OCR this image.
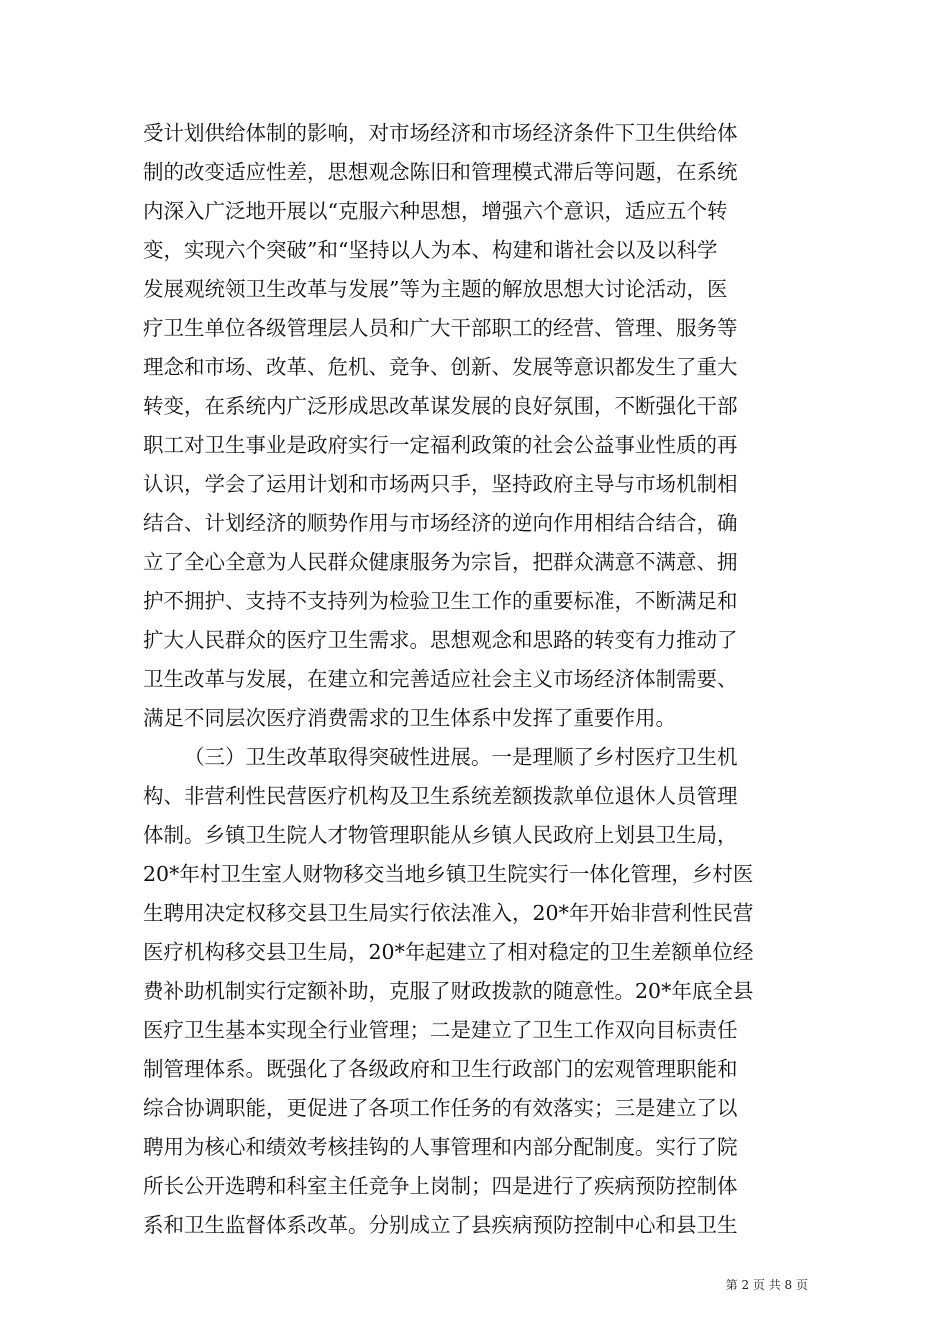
受计划供给体制的影响，对市场经济和市场经济条件下卫生供给体
制的改变适应性差，思想观念陈旧和管理模式滞后等问题，在系统
内深入广泛地开展以“克服六种思想，增强六个意识，适应五个转
变，实现六个突破”和“坚持以人为本、构建和谐社会以及以科学
发展观统领卫生改革与发展”等为主题的解放思想大讨论活动，医
疗卫生单位各级管理层人员和广大干部职工的经营、管理、服务等
理念和市场、改革、危机、竞争、创新、发展等意识都发生了重大
转变，在系统内广泛形成思改革谋发展的良好氛围，不断强化干部
职工对卫生事业是政府实行一定福利政策的社会公益事业性质的再
认识，学会了运用计划和市场两只手，坚持政府主导与市场机制相
结合、计划经济的顺势作用与市场经济的逆向作用相结合结合，确
立了全心全意为人民群众健康服务为宗旨，把群众满意不满意、拥
护不拥护、支持不支持列为检验卫生工作的重要标准，不断满足和
扩大人民群众的医疗卫生需求。思想观念和思路的转变有力推动了
卫生改革与发展，在建立和完善适应社会主义市场经济体制需要、
满足不同层次医疗消费需求的卫生体系中发挥了重要作用。
（三）卫生改革取得突破性进展。一是理顺了乡村医疗卫生机
构、非营利性民营医疗机构及卫生系统差额拨款单位退休人员管理
体制。乡镇卫生院人才物管理职能从乡镇人民政府上划县卫生局，
20*年村卫生室人财物移交当地乡镇卫生院实行一体化管理，乡村医
生聘用决定权移交县卫生局实行依法准入，20*年开始非营利性民营
医疗机构移交县卫生局，20*年起建立了相对稳定的卫生差额单位经
费补助机制实行定额补助，克服了财政拨款的随意性。20*年底全县
医疗卫生基本实现全行业管理；二是建立了卫生工作双向目标责任
制管理体系。既强化了各级政府和卫生行政部门的宏观管理职能和
综合协调职能，更促进了各项工作任务的有效落实；三是建立了以
聘用为核心和绩效考核挂钩的人事管理和内部分配制度。实行了院
所长公开选聘和科室主任竞争上岗制；四是进行了疾病预防控制体
系和卫生监督体系改革。分别成立了县疾病预防控制中心和县卫生
第 2 页 共 8 页
